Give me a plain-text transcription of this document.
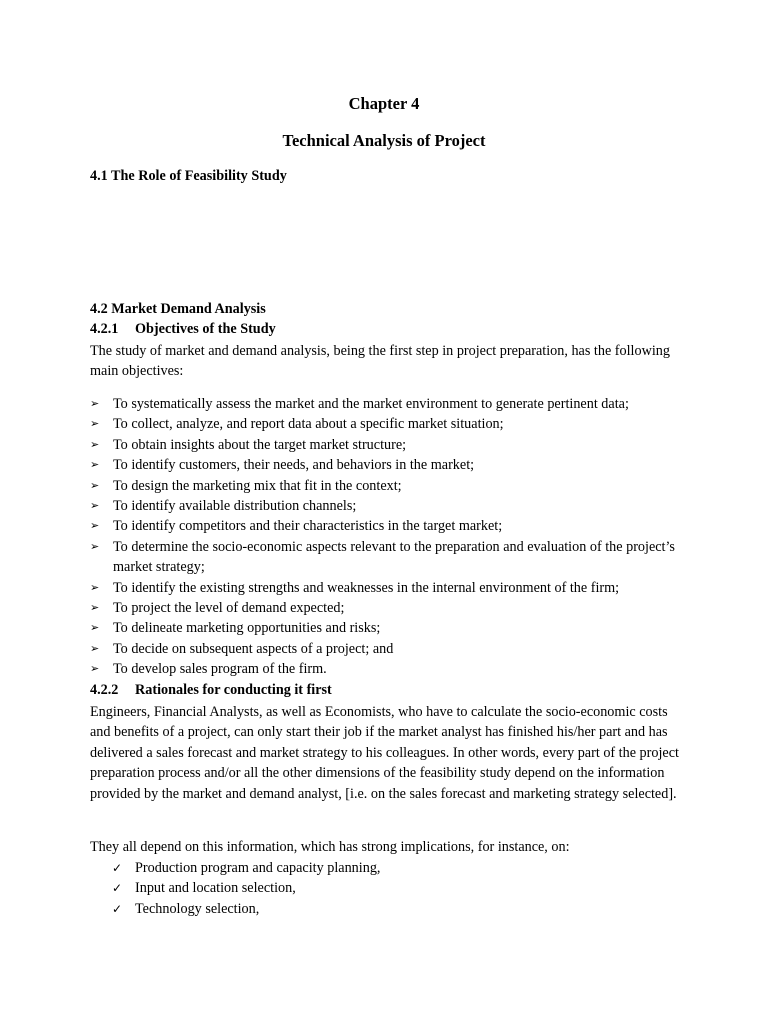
Chapter 4
Technical Analysis of Project
4.1 The Role of Feasibility Study
4.2 Market Demand Analysis
4.2.1 Objectives of the Study

The study of market and demand analysis, being the first step in project preparation, has the following main objectives:

➢ To systematically assess the market and the market environment to generate pertinent data;
➢ To collect, analyze, and report data about a specific market situation;
➢ To obtain insights about the target market structure;
➢ To identify customers, their needs, and behaviors in the market;
➢ To design the marketing mix that fit in the context;
➢ To identify available distribution channels;
➢ To identify competitors and their characteristics in the target market;
➢ To determine the socio-economic aspects relevant to the preparation and evaluation of the project’s market strategy;
➢ To identify the existing strengths and weaknesses in the internal environment of the firm;
➢ To project the level of demand expected;
➢ To delineate marketing opportunities and risks;
➢ To decide on subsequent aspects of a project; and
➢ To develop sales program of the firm.
4.2.2 Rationales for conducting it first

Engineers, Financial Analysts, as well as Economists, who have to calculate the socio-economic costs and benefits of a project, can only start their job if the market analyst has finished his/her part and has delivered a sales forecast and market strategy to his colleagues. In other words, every part of the project preparation process and/or all the other dimensions of the feasibility study depend on the information provided by the market and demand analyst, [i.e. on the sales forecast and marketing strategy selected].

They all depend on this information, which has strong implications, for instance, on:

✓ Production program and capacity planning,
✓ Input and location selection,
✓ Technology selection,
